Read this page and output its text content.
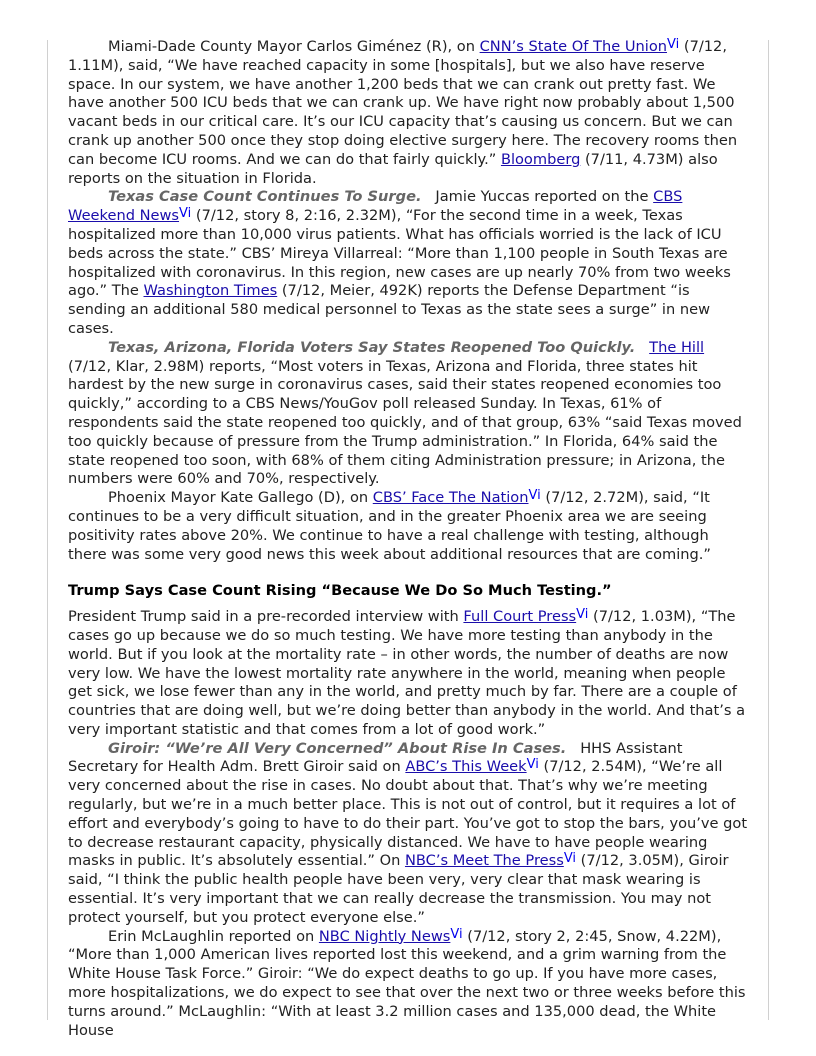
Miami-Dade County Mayor Carlos Giménez (R), on CNN’s State Of The Union$^{Vi}$ (7/12, 1.11M), said, “We have reached capacity in some [hospitals], but we also have reserve space. In our system, we have another 1,200 beds that we can crank out pretty fast. We have another 500 ICU beds that we can crank up. We have right now probably about 1,500 vacant beds in our critical care. It’s our ICU capacity that’s causing us concern. But we can crank up another 500 once they stop doing elective surgery here. The recovery rooms then can become ICU rooms. And we can do that fairly quickly.” Bloomberg (7/11, 4.73M) also reports on the situation in Florida.

Texas Case Count Continues To Surge.   Jamie Yuccas reported on the CBS Weekend News$^{Vi}$ (7/12, story 8, 2:16, 2.32M), “For the second time in a week, Texas hospitalized more than 10,000 virus patients. What has officials worried is the lack of ICU beds across the state.” CBS’ Mireya Villarreal: “More than 1,100 people in South Texas are hospitalized with coronavirus. In this region, new cases are up nearly 70% from two weeks ago.” The Washington Times (7/12, Meier, 492K) reports the Defense Department “is sending an additional 580 medical personnel to Texas as the state sees a surge” in new cases.

Texas, Arizona, Florida Voters Say States Reopened Too Quickly. The Hill (7/12, Klar, 2.98M) reports, “Most voters in Texas, Arizona and Florida, three states hit hardest by the new surge in coronavirus cases, said their states reopened economies too quickly,” according to a CBS News/YouGov poll released Sunday. In Texas, 61% of respondents said the state reopened too quickly, and of that group, 63% “said Texas moved too quickly because of pressure from the Trump administration.” In Florida, 64% said the state reopened too soon, with 68% of them citing Administration pressure; in Arizona, the numbers were 60% and 70%, respectively.

Phoenix Mayor Kate Gallego (D), on CBS’ Face The Nation$^{Vi}$ (7/12, 2.72M), said, “It continues to be a very difficult situation, and in the greater Phoenix area we are seeing positivity rates above 20%. We continue to have a real challenge with testing, although there was some very good news this week about additional resources that are coming.”

Trump Says Case Count Rising “Because We Do So Much Testing.”

President Trump said in a pre-recorded interview with Full Court Press$^{Vi}$ (7/12, 1.03M), “The cases go up because we do so much testing. We have more testing than anybody in the world. But if you look at the mortality rate – in other words, the number of deaths are now very low. We have the lowest mortality rate anywhere in the world, meaning when people get sick, we lose fewer than any in the world, and pretty much by far. There are a couple of countries that are doing well, but we’re doing better than anybody in the world. And that’s a very important statistic and that comes from a lot of good work.”

Giroir: “We’re All Very Concerned” About Rise In Cases.   HHS Assistant Secretary for Health Adm. Brett Giroir said on ABC’s This Week$^{Vi}$ (7/12, 2.54M), “We’re all very concerned about the rise in cases. No doubt about that. That’s why we’re meeting regularly, but we’re in a much better place. This is not out of control, but it requires a lot of effort and everybody’s going to have to do their part. You’ve got to stop the bars, you’ve got to decrease restaurant capacity, physically distanced. We have to have people wearing masks in public. It’s absolutely essential.” On NBC’s Meet The Press$^{Vi}$ (7/12, 3.05M), Giroir said, “I think the public health people have been very, very clear that mask wearing is essential. It’s very important that we can really decrease the transmission. You may not protect yourself, but you protect everyone else.”

Erin McLaughlin reported on NBC Nightly News$^{Vi}$ (7/12, story 2, 2:45, Snow, 4.22M), “More than 1,000 American lives reported lost this weekend, and a grim warning from the White House Task Force.” Giroir: “We do expect deaths to go up. If you have more cases, more hospitalizations, we do expect to see that over the next two or three weeks before this turns around.” McLaughlin: “With at least 3.2 million cases and 135,000 dead, the White House
